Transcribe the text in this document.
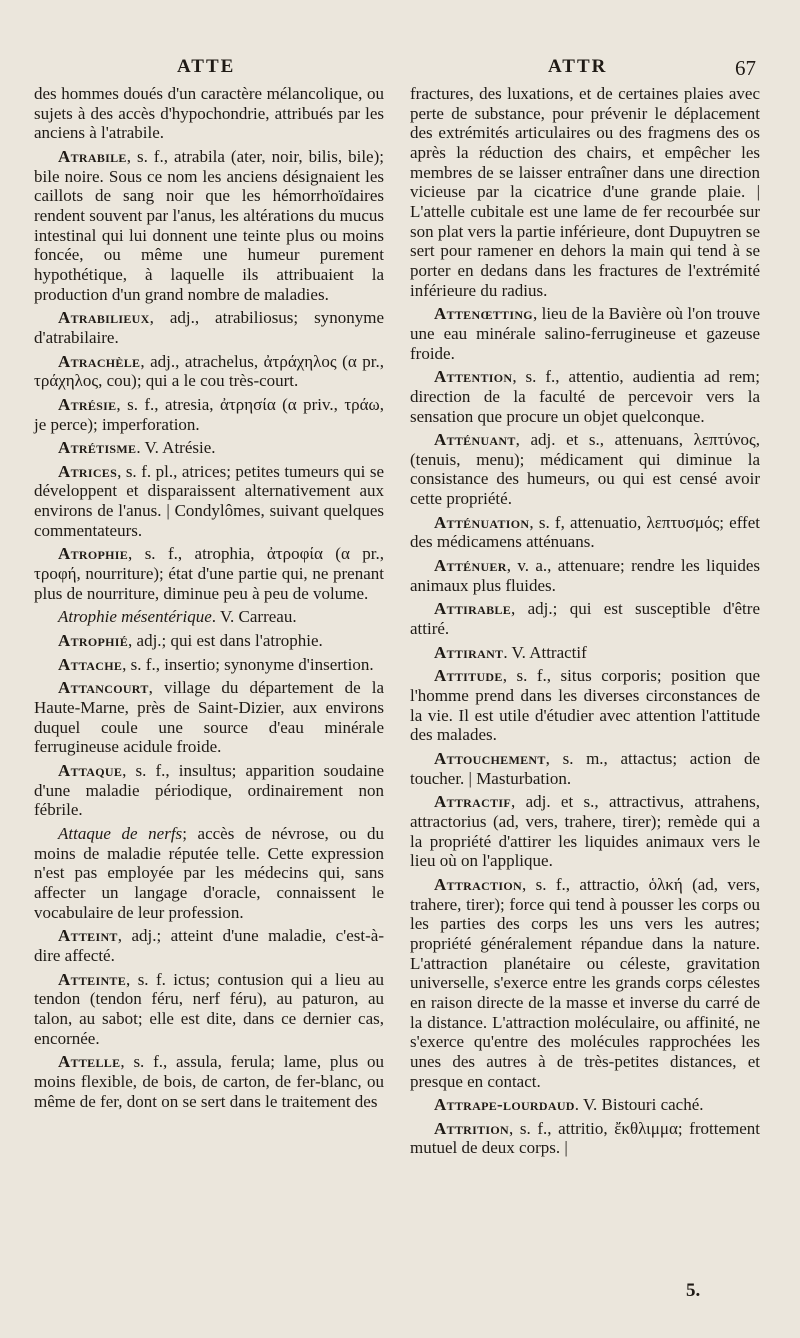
ATTE	ATTR	67

des hommes doués d'un caractère mélancolique, ou sujets à des accès d'hypochondrie, attribués par les anciens à l'atrabile.

Atrabile, s. f., atrabila (ater, noir, bilis, bile); bile noire. Sous ce nom les anciens désignaient les caillots de sang noir que les hémorrhoïdaires rendent souvent par l'anus, les altérations du mucus intestinal qui lui donnent une teinte plus ou moins foncée, ou même une humeur purement hypothétique, à laquelle ils attribuaient la production d'un grand nombre de maladies.

Atrabilieux, adj., atrabiliosus; synonyme d'atrabilaire.

Atrachèle, adj., atrachelus, ἀτράχηλος (α pr., τράχηλος, cou); qui a le cou très-court.

Atrésie, s. f., atresia, ἀτρησία (α priv., τράω, je perce); imperforation.

Atrétisme. V. Atrésie.

Atrices, s. f. pl., atrices; petites tumeurs qui se développent et disparaissent alternativement aux environs de l'anus. | Condylômes, suivant quelques commentateurs.

Atrophie, s. f., atrophia, ἀτροφία (α pr., τροφή, nourriture); état d'une partie qui, ne prenant plus de nourriture, diminue peu à peu de volume.

Atrophie mésentérique. V. Carreau.

Atrophié, adj.; qui est dans l'atrophie.

Attache, s. f., insertio; synonyme d'insertion.

Attancourt, village du département de la Haute-Marne, près de Saint-Dizier, aux environs duquel coule une source d'eau minérale ferrugineuse acidule froide.

Attaque, s. f., insultus; apparition soudaine d'une maladie périodique, ordinairement non fébrile.

Attaque de nerfs; accès de névrose, ou du moins de maladie réputée telle. Cette expression n'est pas employée par les médecins qui, sans affecter un langage d'oracle, connaissent le vocabulaire de leur profession.

Atteint, adj.; atteint d'une maladie, c'est-à-dire affecté.

Atteinte, s. f. ictus; contusion qui a lieu au tendon (tendon féru, nerf féru), au paturon, au talon, au sabot; elle est dite, dans ce dernier cas, encornée.

Attelle, s. f., assula, ferula; lame, plus ou moins flexible, de bois, de carton, de fer-blanc, ou même de fer, dont on se sert dans le traitement des

fractures, des luxations, et de certaines plaies avec perte de substance, pour prévenir le déplacement des extrémités articulaires ou des fragmens des os après la réduction des chairs, et empêcher les membres de se laisser entraîner dans une direction vicieuse par la cicatrice d'une grande plaie. | L'attelle cubitale est une lame de fer recourbée sur son plat vers la partie inférieure, dont Dupuytren se sert pour ramener en dehors la main qui tend à se porter en dedans dans les fractures de l'extrémité inférieure du radius.

Attenœtting, lieu de la Bavière où l'on trouve une eau minérale salino-ferrugineuse et gazeuse froide.

Attention, s. f., attentio, audientia ad rem; direction de la faculté de percevoir vers la sensation que procure un objet quelconque.

Atténuant, adj. et s., attenuans, λεπτύνος, (tenuis, menu); médicament qui diminue la consistance des humeurs, ou qui est censé avoir cette propriété.

Atténuation, s. f, attenuatio, λεπτυσμός; effet des médicamens atténuans.

Atténuer, v. a., attenuare; rendre les liquides animaux plus fluides.

Attirable, adj.; qui est susceptible d'être attiré.

Attirant. V. Attractif

Attitude, s. f., situs corporis; position que l'homme prend dans les diverses circonstances de la vie. Il est utile d'étudier avec attention l'attitude des malades.

Attouchement, s. m., attactus; action de toucher. | Masturbation.

Attractif, adj. et s., attractivus, attrahens, attractorius (ad, vers, trahere, tirer); remède qui a la propriété d'attirer les liquides animaux vers le lieu où on l'applique.

Attraction, s. f., attractio, ὁλκή (ad, vers, trahere, tirer); force qui tend à pousser les corps ou les parties des corps les uns vers les autres; propriété généralement répandue dans la nature. L'attraction planétaire ou céleste, gravitation universelle, s'exerce entre les grands corps célestes en raison directe de la masse et inverse du carré de la distance. L'attraction moléculaire, ou affinité, ne s'exerce qu'entre des molécules rapprochées les unes des autres à de très-petites distances, et presque en contact.

Attrape-lourdaud. V. Bistouri caché.

Attrition, s. f., attritio, ἔκθλιμμα; frottement mutuel de deux corps. |

5.
